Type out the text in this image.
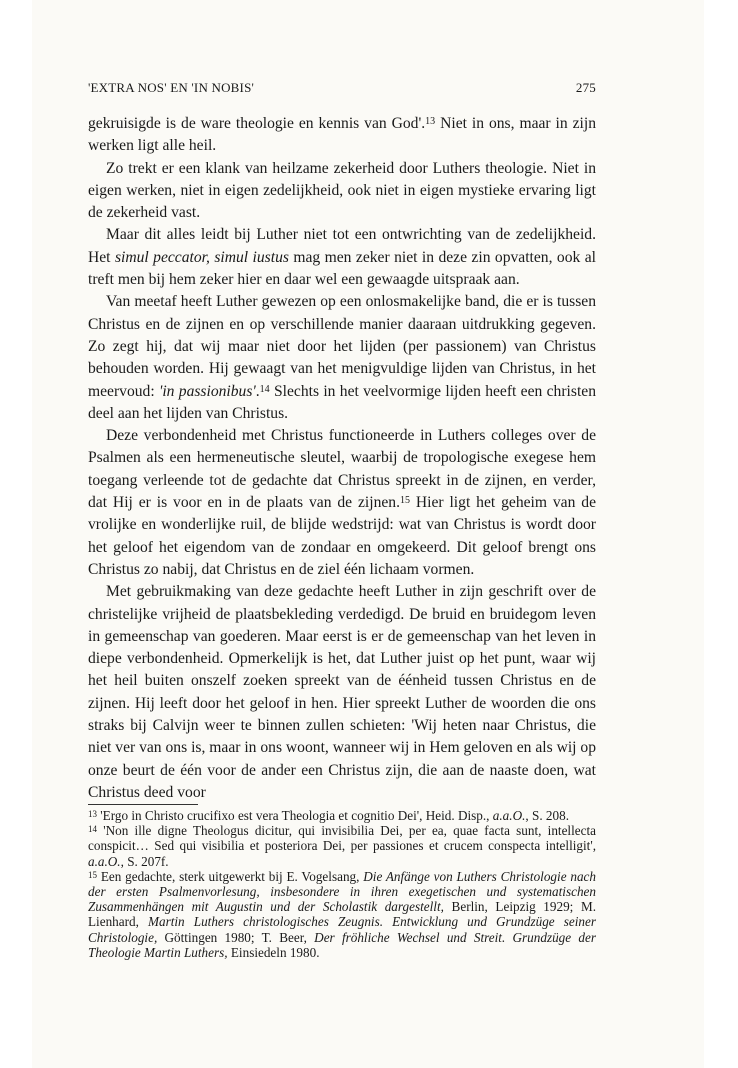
'EXTRA NOS' EN 'IN NOBIS'	275

gekruisigde is de ware theologie en kennis van God'.$^{13}$ Niet in ons, maar in zijn werken ligt alle heil.

Zo trekt er een klank van heilzame zekerheid door Luthers theologie. Niet in eigen werken, niet in eigen zedelijkheid, ook niet in eigen mystieke ervaring ligt de zekerheid vast.

Maar dit alles leidt bij Luther niet tot een ontwrichting van de zedelijkheid. Het simul peccator, simul iustus mag men zeker niet in deze zin opvatten, ook al treft men bij hem zeker hier en daar wel een gewaagde uitspraak aan.

Van meetaf heeft Luther gewezen op een onlosmakelijke band, die er is tussen Christus en de zijnen en op verschillende manier daaraan uitdrukking gegeven. Zo zegt hij, dat wij maar niet door het lijden (per passionem) van Christus behouden worden. Hij gewaagt van het menigvuldige lijden van Christus, in het meervoud: 'in passionibus'.$^{14}$ Slechts in het veelvormige lijden heeft een christen deel aan het lijden van Christus.

Deze verbondenheid met Christus functioneerde in Luthers colleges over de Psalmen als een hermeneutische sleutel, waarbij de tropologische exegese hem toegang verleende tot de gedachte dat Christus spreekt in de zijnen, en verder, dat Hij er is voor en in de plaats van de zijnen.$^{15}$ Hier ligt het geheim van de vrolijke en wonderlijke ruil, de blijde wedstrijd: wat van Christus is wordt door het geloof het eigendom van de zondaar en omgekeerd. Dit geloof brengt ons Christus zo nabij, dat Christus en de ziel één lichaam vormen.

Met gebruikmaking van deze gedachte heeft Luther in zijn geschrift over de christelijke vrijheid de plaatsbekleding verdedigd. De bruid en bruidegom leven in gemeenschap van goederen. Maar eerst is er de gemeenschap van het leven in diepe verbondenheid. Opmerkelijk is het, dat Luther juist op het punt, waar wij het heil buiten onszelf zoeken spreekt van de éénheid tussen Christus en de zijnen. Hij leeft door het geloof in hen. Hier spreekt Luther de woorden die ons straks bij Calvijn weer te binnen zullen schieten: 'Wij heten naar Christus, die niet ver van ons is, maar in ons woont, wanneer wij in Hem geloven en als wij op onze beurt de één voor de ander een Christus zijn, die aan de naaste doen, wat Christus deed voor

$^{13}$ 'Ergo in Christo crucifixo est vera Theologia et cognitio Dei', Heid. Disp., a.a.O., S. 208.

$^{14}$ 'Non ille digne Theologus dicitur, qui invisibilia Dei, per ea, quae facta sunt, intellecta conspicit… Sed qui visibilia et posteriora Dei, per passiones et crucem conspecta intelligit', a.a.O., S. 207f.

$^{15}$ Een gedachte, sterk uitgewerkt bij E. Vogelsang, Die Anfänge von Luthers Christologie nach der ersten Psalmenvorlesung, insbesondere in ihren exegetischen und systematischen Zusammenhängen mit Augustin und der Scholastik dargestellt, Berlin, Leipzig 1929; M. Lienhard, Martin Luthers christologisches Zeugnis. Entwicklung und Grundzüge seiner Christologie, Göttingen 1980; T. Beer, Der fröhliche Wechsel und Streit. Grundzüge der Theologie Martin Luthers, Einsiedeln 1980.
